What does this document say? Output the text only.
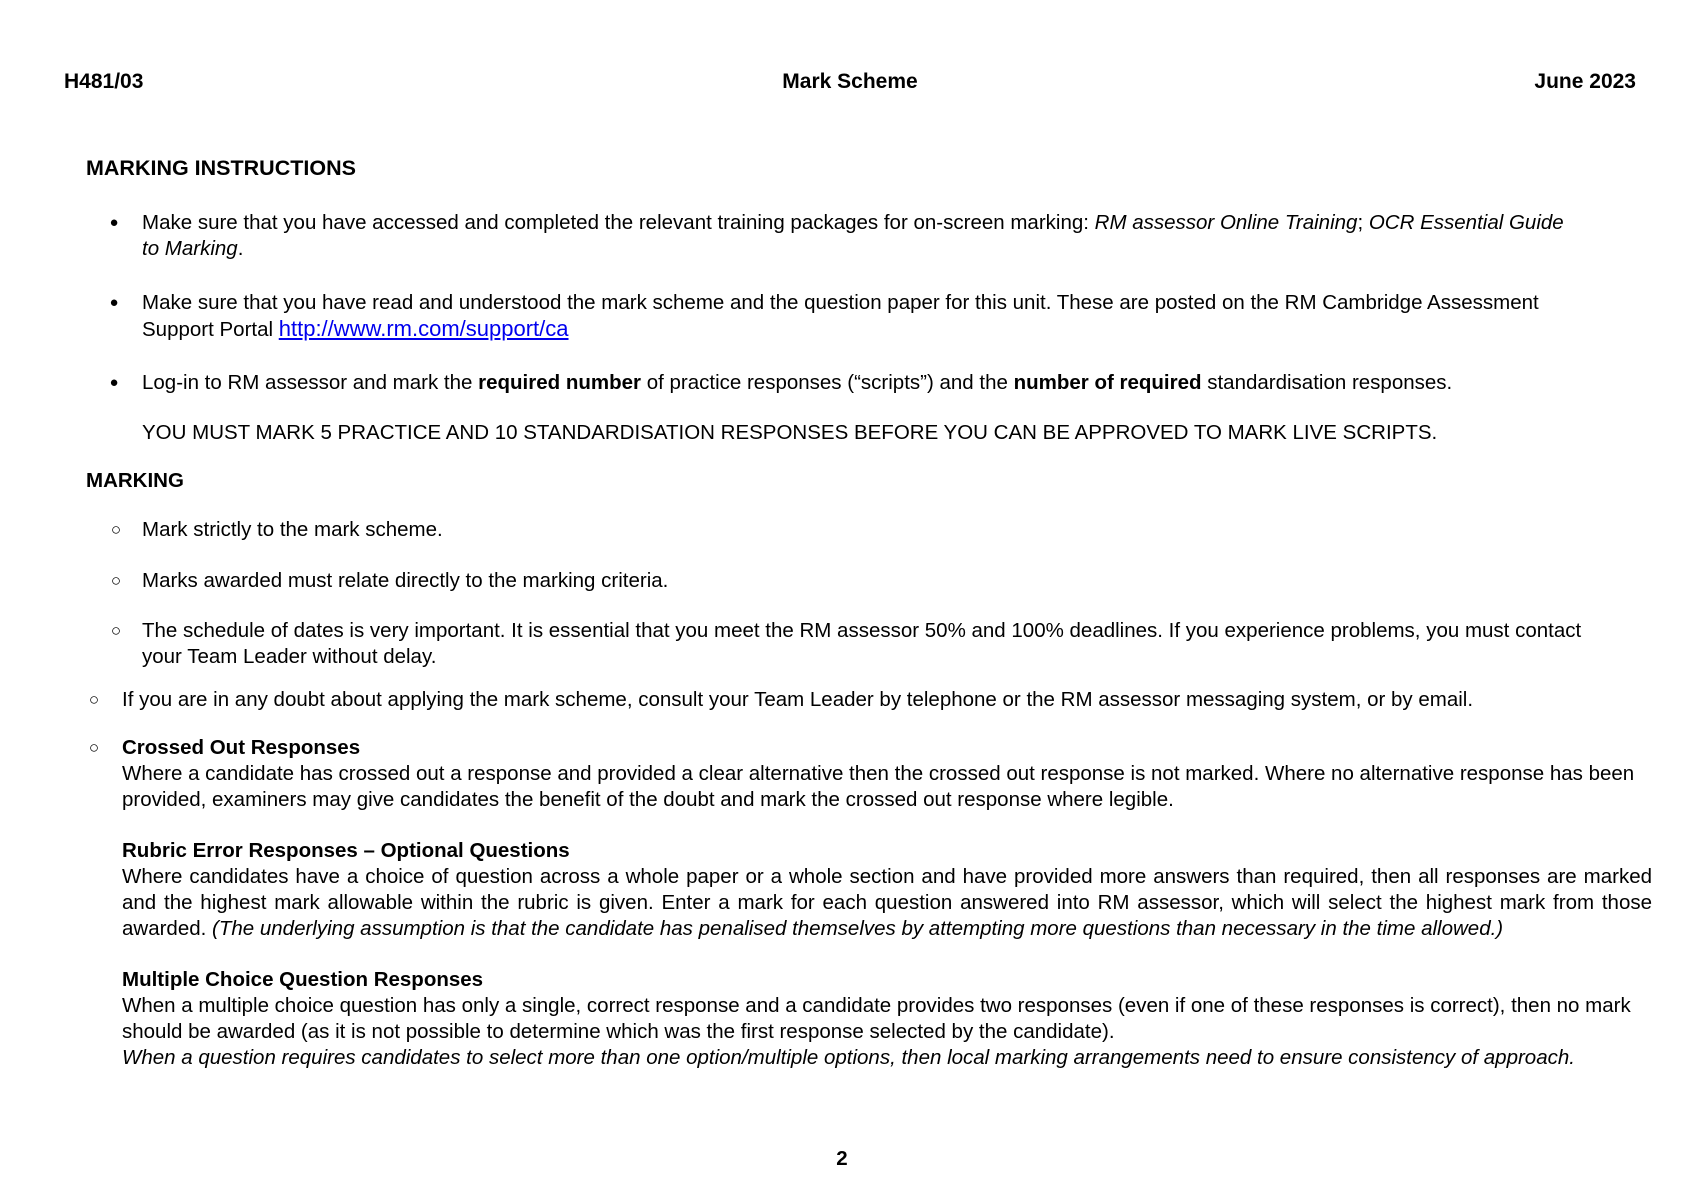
H481/03	Mark Scheme	June 2023
MARKING INSTRUCTIONS
● Make sure that you have accessed and completed the relevant training packages for on-screen marking: RM assessor Online Training; OCR Essential Guide to Marking.
● Make sure that you have read and understood the mark scheme and the question paper for this unit. These are posted on the RM Cambridge Assessment Support Portal http://www.rm.com/support/ca
● Log-in to RM assessor and mark the required number of practice responses (“scripts”) and the number of required standardisation responses.
YOU MUST MARK 5 PRACTICE AND 10 STANDARDISATION RESPONSES BEFORE YOU CAN BE APPROVED TO MARK LIVE SCRIPTS.
MARKING
○ Mark strictly to the mark scheme.
○ Marks awarded must relate directly to the marking criteria.
○ The schedule of dates is very important. It is essential that you meet the RM assessor 50% and 100% deadlines. If you experience problems, you must contact your Team Leader without delay.
○ If you are in any doubt about applying the mark scheme, consult your Team Leader by telephone or the RM assessor messaging system, or by email.
○ Crossed Out Responses
Where a candidate has crossed out a response and provided a clear alternative then the crossed out response is not marked. Where no alternative response has been provided, examiners may give candidates the benefit of the doubt and mark the crossed out response where legible.
Rubric Error Responses – Optional Questions
Where candidates have a choice of question across a whole paper or a whole section and have provided more answers than required, then all responses are marked and the highest mark allowable within the rubric is given. Enter a mark for each question answered into RM assessor, which will select the highest mark from those awarded. (The underlying assumption is that the candidate has penalised themselves by attempting more questions than necessary in the time allowed.)
Multiple Choice Question Responses
When a multiple choice question has only a single, correct response and a candidate provides two responses (even if one of these responses is correct), then no mark should be awarded (as it is not possible to determine which was the first response selected by the candidate).
When a question requires candidates to select more than one option/multiple options, then local marking arrangements need to ensure consistency of approach.
2
